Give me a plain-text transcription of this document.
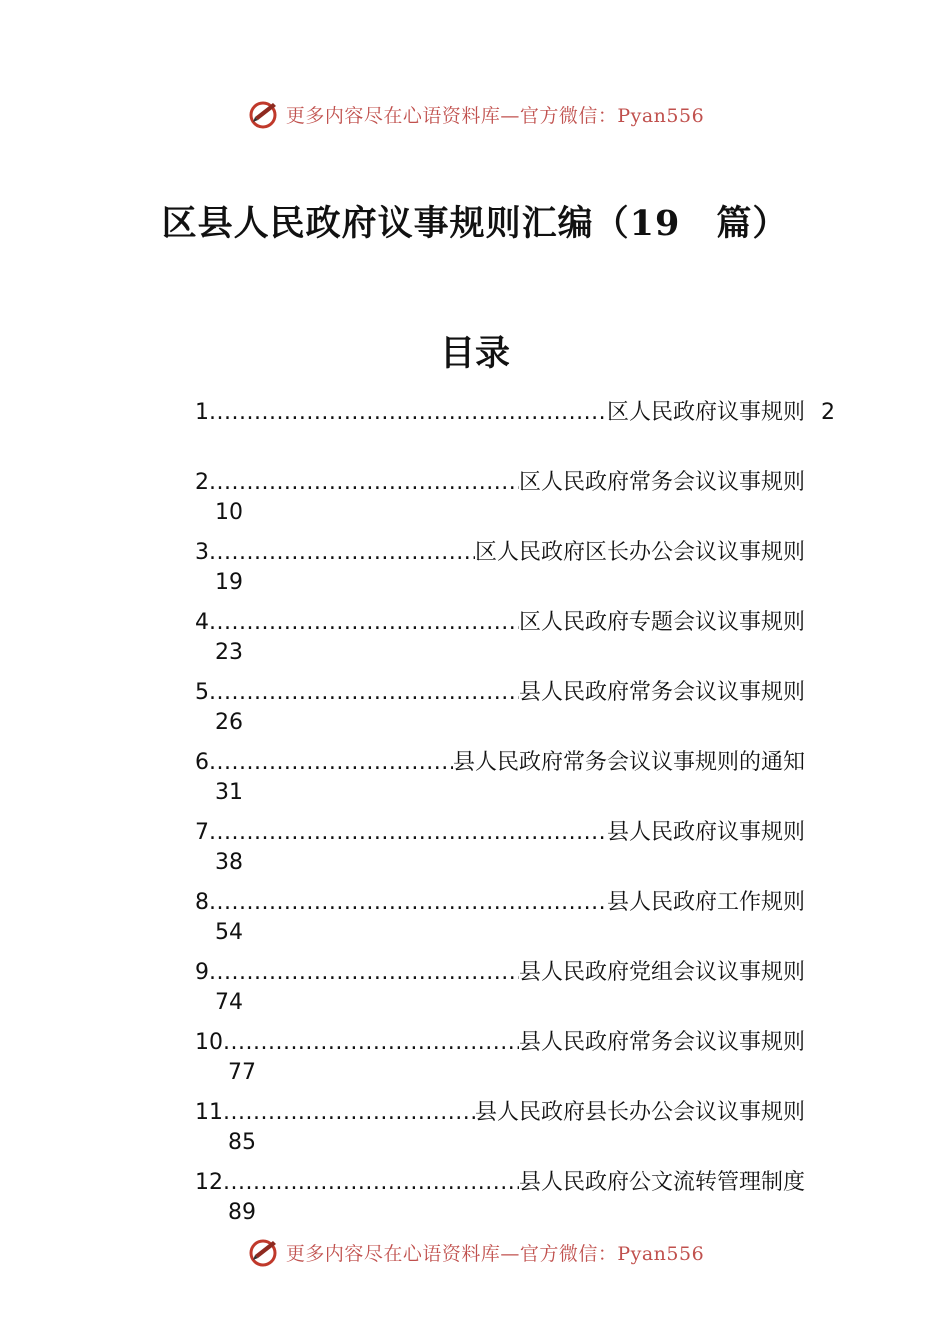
更多内容尽在心语资料库—官方微信：Pyan556
区县人民政府议事规则汇编（19　篇）
目录
1 .....	区人民政府议事规则 2
2 .....	区人民政府常务会议议事规则
10
3 .....	区人民政府区长办公会议议事规则
19
4 .....	区人民政府专题会议议事规则
23
5 .....	县人民政府常务会议议事规则
26
6 .....	县人民政府常务会议议事规则的通知
31
7 .....	县人民政府议事规则
38
8 .....	县人民政府工作规则
54
9 .....	县人民政府党组会议议事规则
74
10 .....	县人民政府常务会议议事规则
77
11 .....	县人民政府县长办公会议议事规则
85
12 .....	县人民政府公文流转管理制度
89
更多内容尽在心语资料库—官方微信：Pyan556
